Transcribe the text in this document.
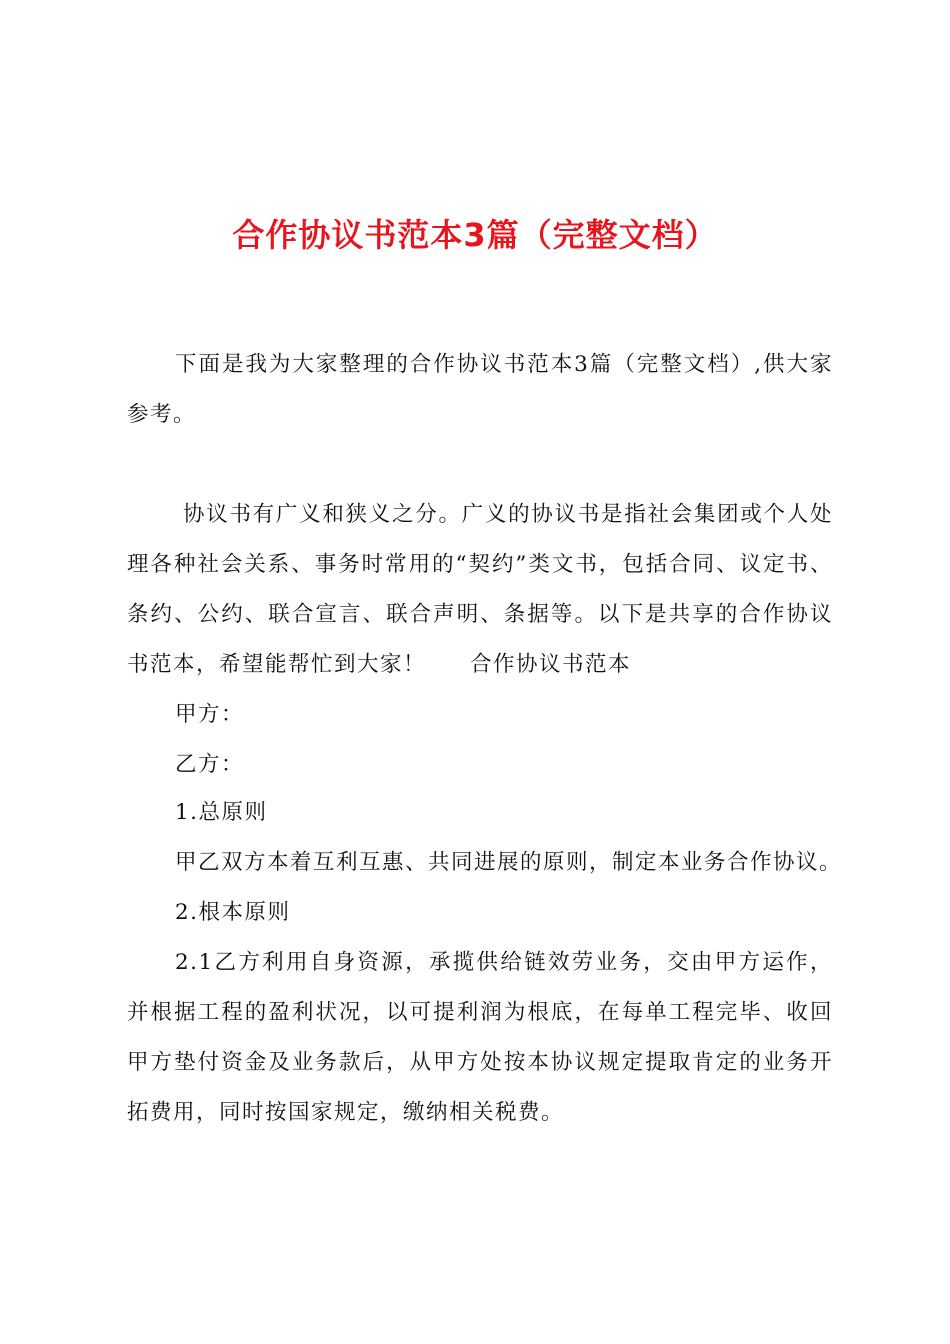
合作协议书范本3篇（完整文档）

下面是我为大家整理的合作协议书范本3篇（完整文档）,供大家参考。

协议书有广义和狭义之分。广义的协议书是指社会集团或个人处理各种社会关系、事务时常用的“契约”类文书，包括合同、议定书、条约、公约、联合宣言、联合声明、条据等。以下是共享的合作协议书范本，希望能帮忙到大家！ 合作协议书范本

甲方：

乙方：

1.总原则

甲乙双方本着互利互惠、共同进展的原则，制定本业务合作协议。

2.根本原则

2.1乙方利用自身资源，承揽供给链效劳业务，交由甲方运作，并根据工程的盈利状况，以可提利润为根底，在每单工程完毕、收回甲方垫付资金及业务款后，从甲方处按本协议规定提取肯定的业务开拓费用，同时按国家规定，缴纳相关税费。
